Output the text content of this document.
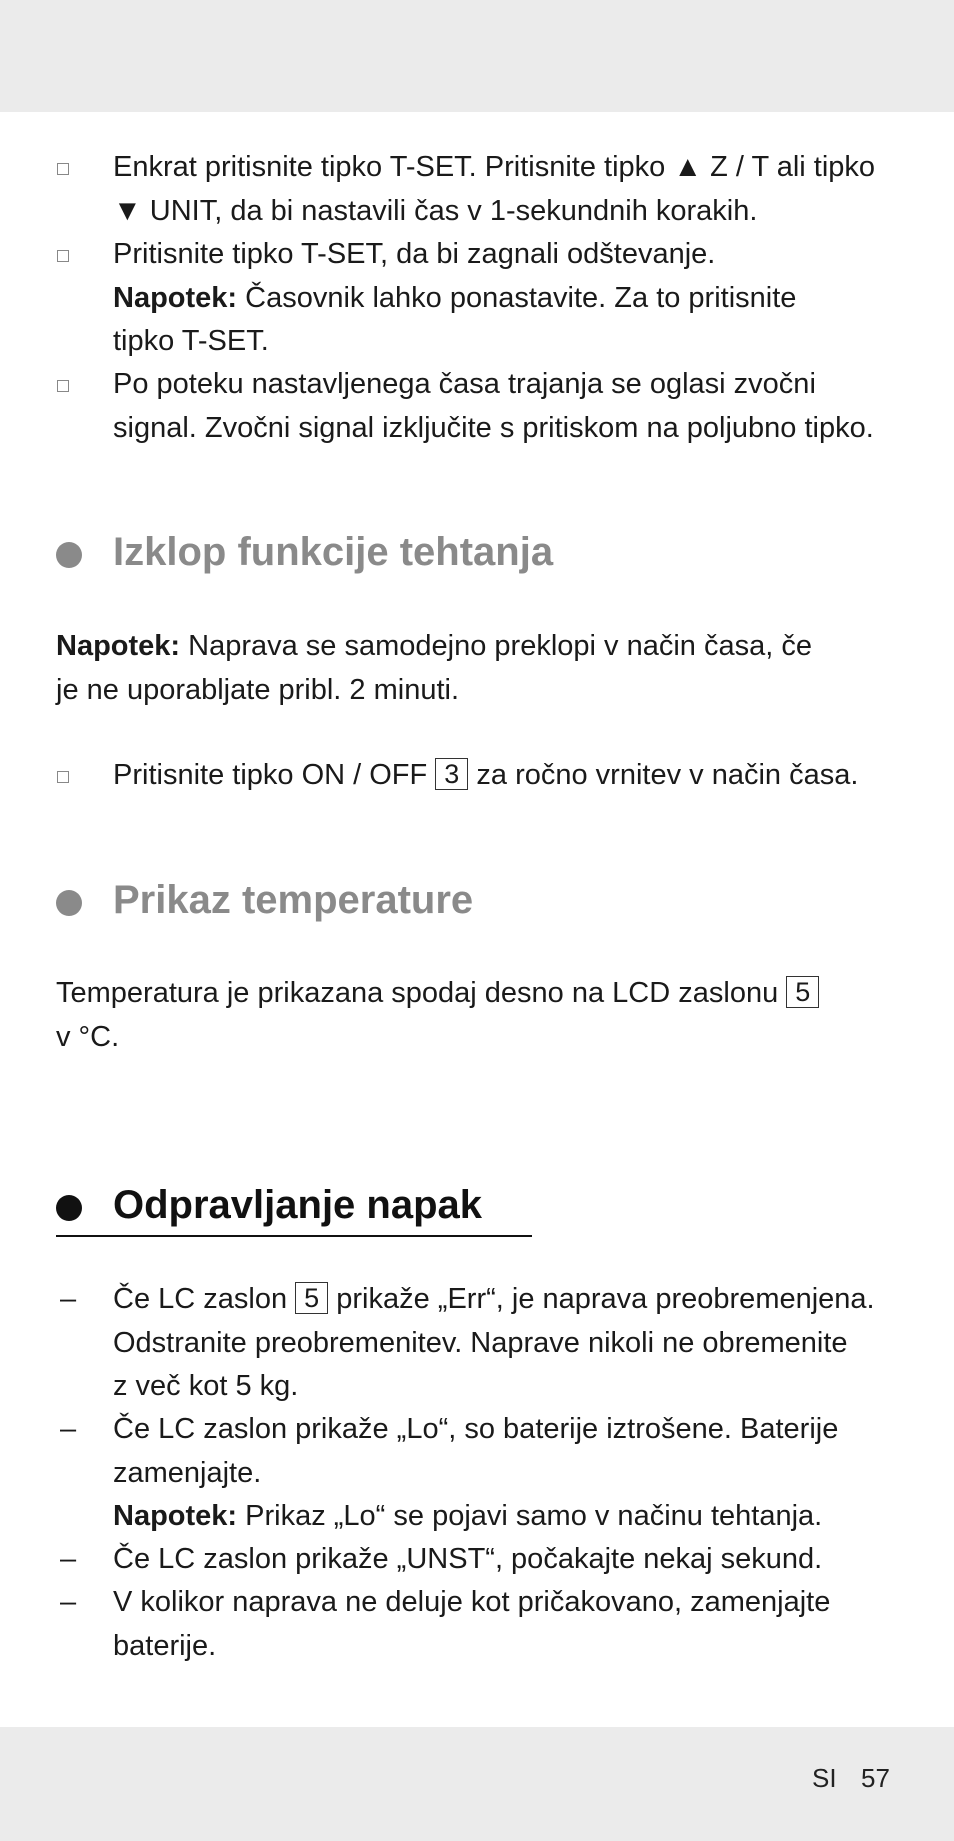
Enkrat pritisnite tipko T-SET. Pritisnite tipko ▲ Z / T ali tipko
▼ UNIT, da bi nastavili čas v 1-sekundnih korakih.
Pritisnite tipko T-SET, da bi zagnali odštevanje.
Napotek: Časovnik lahko ponastavite. Za to pritisnite
tipko T-SET.
Po poteku nastavljenega časa trajanja se oglasi zvočni
signal. Zvočni signal izključite s pritiskom na poljubno tipko.
Izklop funkcije tehtanja
Napotek: Naprava se samodejno preklopi v način časa, če
je ne uporabljate pribl. 2 minuti.
Pritisnite tipko ON / OFF 3 za ročno vrnitev v način časa.
Prikaz temperature
Temperatura je prikazana spodaj desno na LCD zaslonu 5
v °C.
Odpravljanje napak
– Če LC zaslon 5 prikaže „Err“, je naprava preobremenjena.
Odstranite preobremenitev. Naprave nikoli ne obremenite
z več kot 5 kg.
– Če LC zaslon prikaže „Lo“, so baterije iztrošene. Baterije
zamenjajte.
Napotek: Prikaz „Lo“ se pojavi samo v načinu tehtanja.
– Če LC zaslon prikaže „UNST“, počakajte nekaj sekund.
– V kolikor naprava ne deluje kot pričakovano, zamenjajte
baterije.
SI 57
